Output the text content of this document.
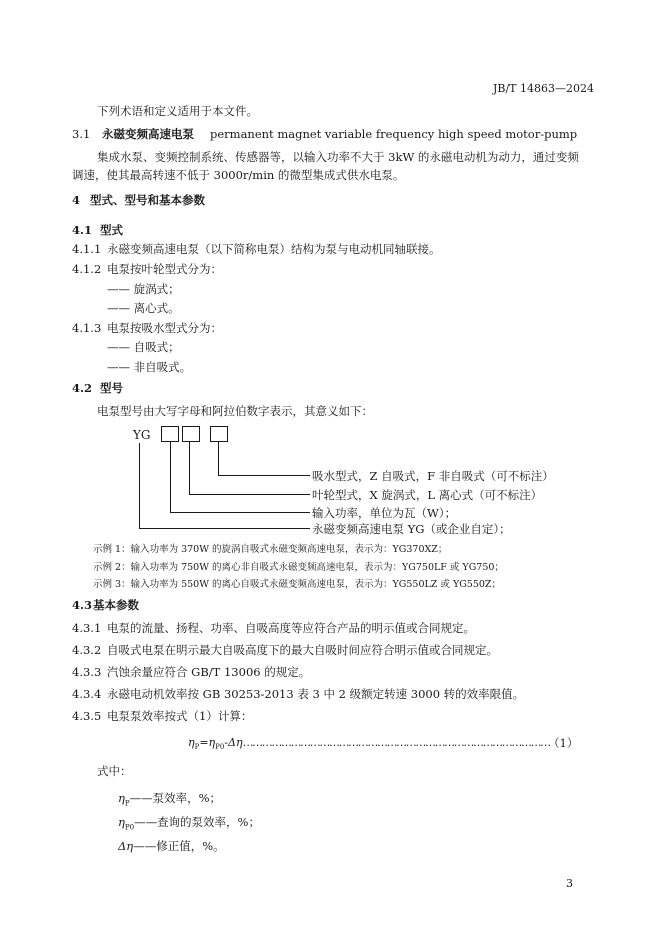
JB/T 14863—2024
下列术语和定义适用于本文件。
3.1 永磁变频高速电泵 permanent magnet variable frequency high speed motor-pump
集成水泵、变频控制系统、传感器等，以输入功率不大于 3kW 的永磁电动机为动力，通过变频
调速，使其最高转速不低于 3000r/min 的微型集成式供水电泵。
4 型式、型号和基本参数
4.1 型式
4.1.1 永磁变频高速电泵（以下简称电泵）结构为泵与电动机同轴联接。
4.1.2 电泵按叶轮型式分为：
—— 旋涡式；
—— 离心式。
4.1.3 电泵按吸水型式分为：
—— 自吸式；
—— 非自吸式。
4.2 型号
电泵型号由大写字母和阿拉伯数字表示，其意义如下：
YG
吸水型式，Z 自吸式，F 非自吸式（可不标注）
叶轮型式，X 旋涡式，L 离心式（可不标注）
输入功率，单位为瓦（W）；
永磁变频高速电泵 YG（或企业自定）；
示例 1：输入功率为 370W 的旋涡自吸式永磁变频高速电泵，表示为：YG370XZ；
示例 2：输入功率为 750W 的离心非自吸式永磁变频高速电泵，表示为：YG750LF 或 YG750；
示例 3：输入功率为 550W 的离心自吸式永磁变频高速电泵，表示为：YG550LZ 或 YG550Z；
4.3 基本参数
4.3.1 电泵的流量、扬程、功率、自吸高度等应符合产品的明示值或合同规定。
4.3.2 自吸式电泵在明示最大自吸高度下的最大自吸时间应符合明示值或合同规定。
4.3.3 汽蚀余量应符合 GB/T 13006 的规定。
4.3.4 永磁电动机效率按 GB 30253-2013 表 3 中 2 级额定转速 3000 转的效率限值。
4.3.5 电泵泵效率按式（1）计算：
$\eta_P=\eta_{P0}-\Delta\eta\dots\dots\dots\dots\dots\dots\dots\dots\dots\dots\dots\dots\dots\dots\dots\dots\dots\dots\dots\dots\dots\dots\dots\dots\dots\dots\dots\dots\dots\dots\dots\dots$
（1）
式中：
$\eta_P——$泵效率，%；
$\eta_{P0}——$查询的泵效率，%；
Δη——修正值，%。
3
